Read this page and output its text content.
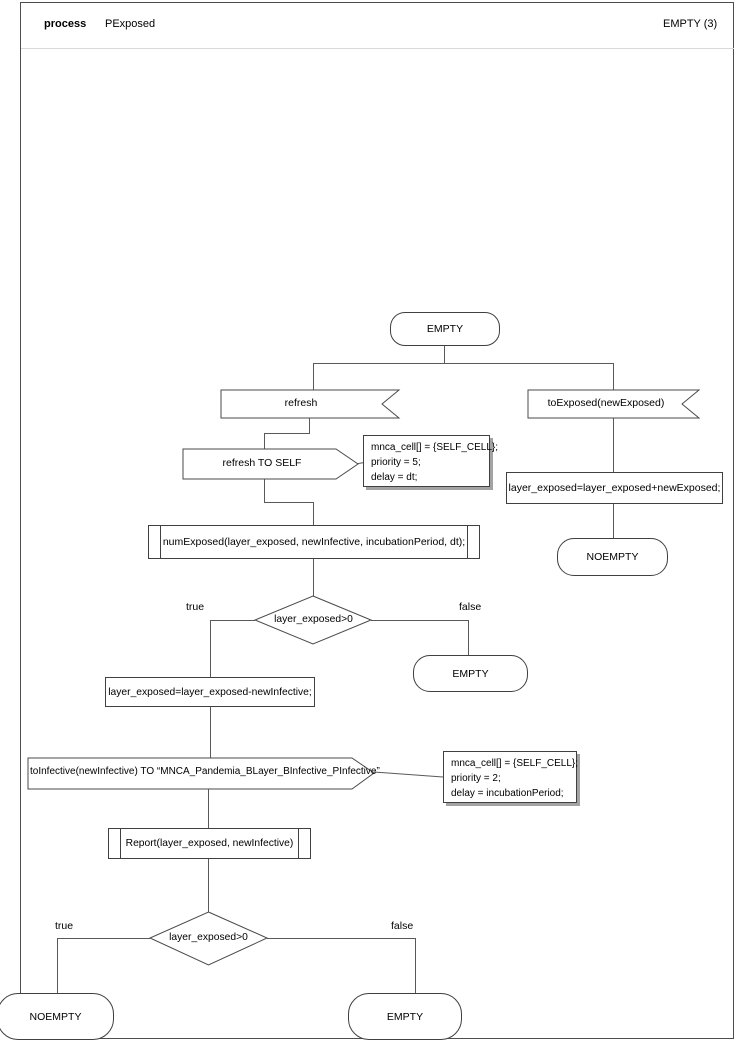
process PExposed	EMPTY (3)
EMPTY
NOEMPTY
EMPTY
NOEMPTY	EMPTY
layer_exposed=layer_exposed+newExposed;
layer_exposed=layer_exposed-newInfective;
numExposed(layer_exposed, newInfective, incubationPeriod, dt);
Report(layer_exposed, newInfective)
mnca_cell[] = {SELF_CELL};
priority = 5;
delay = dt;
mnca_cell[] = {SELF_CELL};
priority = 2;
delay = incubationPeriod;
refresh	toExposed(newExposed)
refresh TO SELF
toInfective(newInfective) TO “MNCA_Pandemia_BLayer_BInfective_PInfective”
layer_exposed>0
layer_exposed>0
true	false
true	false
